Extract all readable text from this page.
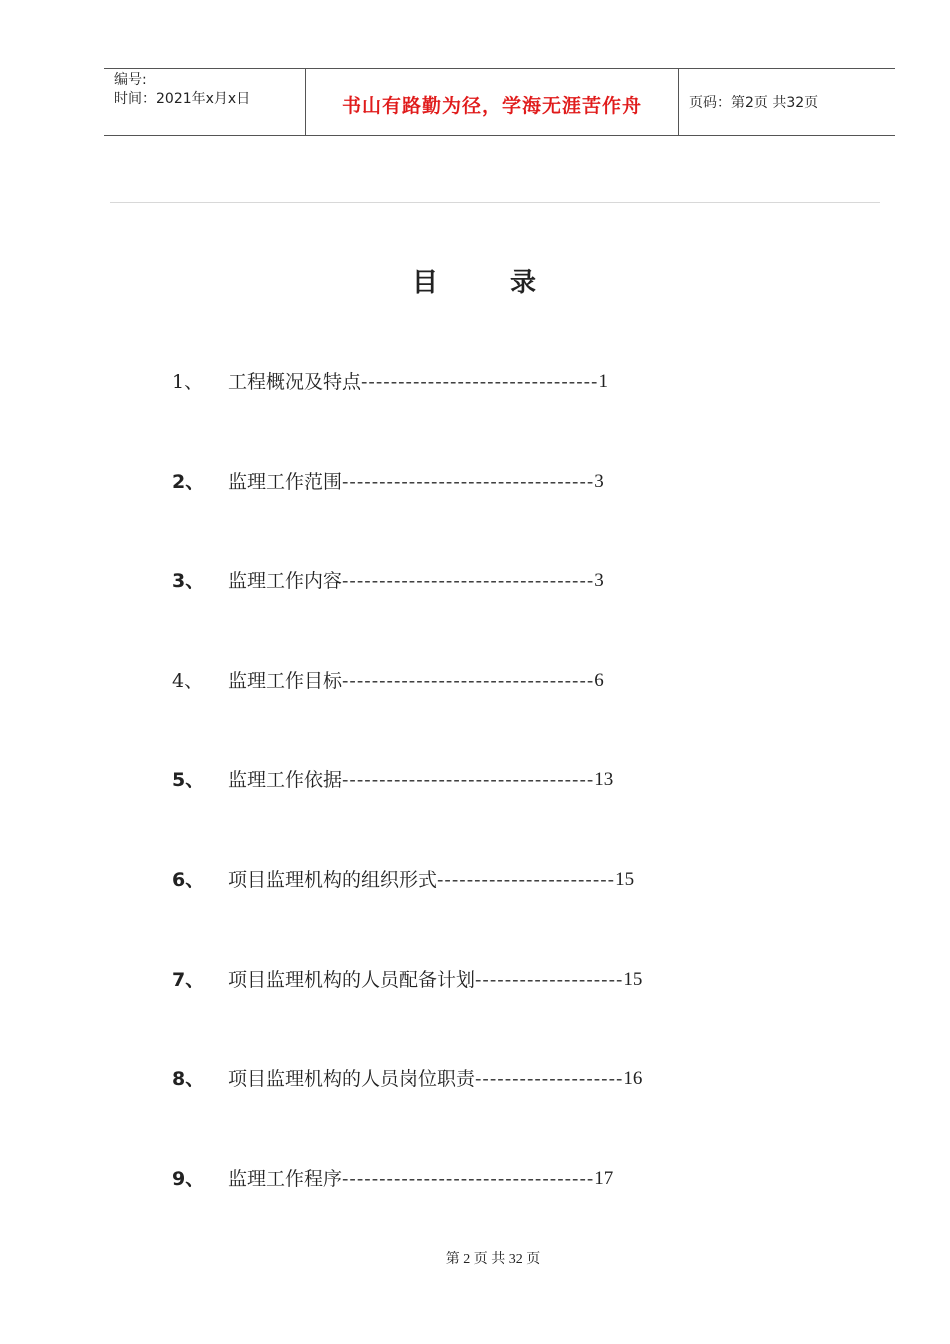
编号:
时间：2021年x月x日	书山有路勤为径，学海无涯苦作舟	页码：第2页 共32页
目	录
1、	工程概况及特点 -------------------------------- 1
2、	监理工作范围 ---------------------------------- 3
3、	监理工作内容 ---------------------------------- 3
4、	监理工作目标 ---------------------------------- 6
5、	监理工作依据 ---------------------------------- 13
6、	项目监理机构的组织形式 ------------------------ 15
7、	项目监理机构的人员配备计划 -------------------- 15
8、	项目监理机构的人员岗位职责 -------------------- 16
9、	监理工作程序 ---------------------------------- 17
第 2 页 共 32 页
